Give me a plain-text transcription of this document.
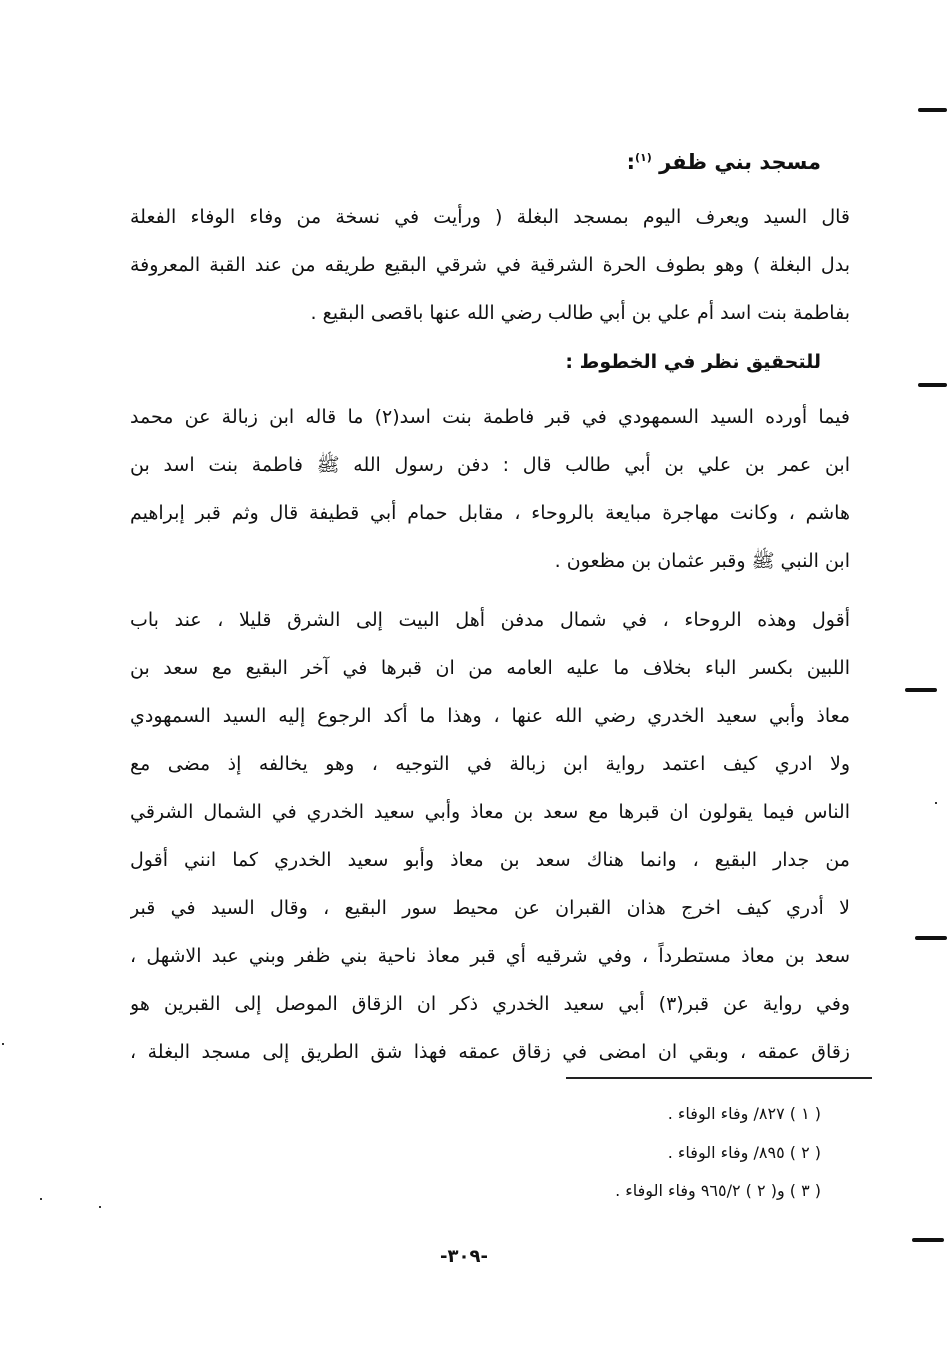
مسجد بني ظفر $^{(١)}$:
قال السيد ويعرف اليوم بمسجد البغلة ( ورأيت في نسخة من وفاء الوفاء الفعلة
بدل البغلة ) وهو بطوف الحرة الشرقية في شرقي البقيع طريقه من عند القبة المعروفة
بفاطمة بنت اسد أم علي بن أبي طالب رضي الله عنها باقصى البقيع .
للتحقيق نظر في الخطوط :
فيما أورده السيد السمهودي في قبر فاطمة بنت اسد(٢) ما قاله ابن زبالة عن محمد
ابن عمر بن علي بن أبي طالب قال : دفن رسول الله ﷺ فاطمة بنت اسد بن
هاشم ، وكانت مهاجرة مبايعة بالروحاء ، مقابل حمام أبي قطيفة قال وثم قبر إبراهيم
ابن النبي ﷺ وقبر عثمان بن مظعون .
أقول وهذه الروحاء ، في شمال مدفن أهل البيت إلى الشرق قليلا ، عند باب
اللبين بكسر الباء بخلاف ما عليه العامه من ان قبرها في آخر البقيع مع سعد بن
معاذ وأبي سعيد الخدري رضي الله عنها ، وهذا ما أكد الرجوع إليه السيد السمهودي
ولا ادري كيف اعتمد رواية ابن زبالة في التوجيه ، وهو يخالفه إذ مضى مع
الناس فيما يقولون ان قبرها مع سعد بن معاذ وأبي سعيد الخدري في الشمال الشرقي
من جدار البقيع ، وانما هناك سعد بن معاذ وأبو سعيد الخدري كما انني أقول
لا أدري كيف اخرج هذان القبران عن محيط سور البقيع ، وقال السيد في قبر
سعد بن معاذ مستطرداً ، وفي شرقيه أي قبر معاذ ناحية بني ظفر وبني عبد الاشهل ،
وفي رواية عن قبر(٣) أبي سعيد الخدري ذكر ان الزقاق الموصل إلى القبرين هو
زقاق عمقه ، وبقي ان امضى في زقاق عمقه فهذا شق الطريق إلى مسجد البغلة ،
( ١ ) ٨٢٧/ وفاء الوفاء .
( ٢ ) ٨٩٥/ وفاء الوفاء .
( ٣ ) و( ٢ ) ٩٦٥/٢ وفاء الوفاء .
-٣٠٩-
